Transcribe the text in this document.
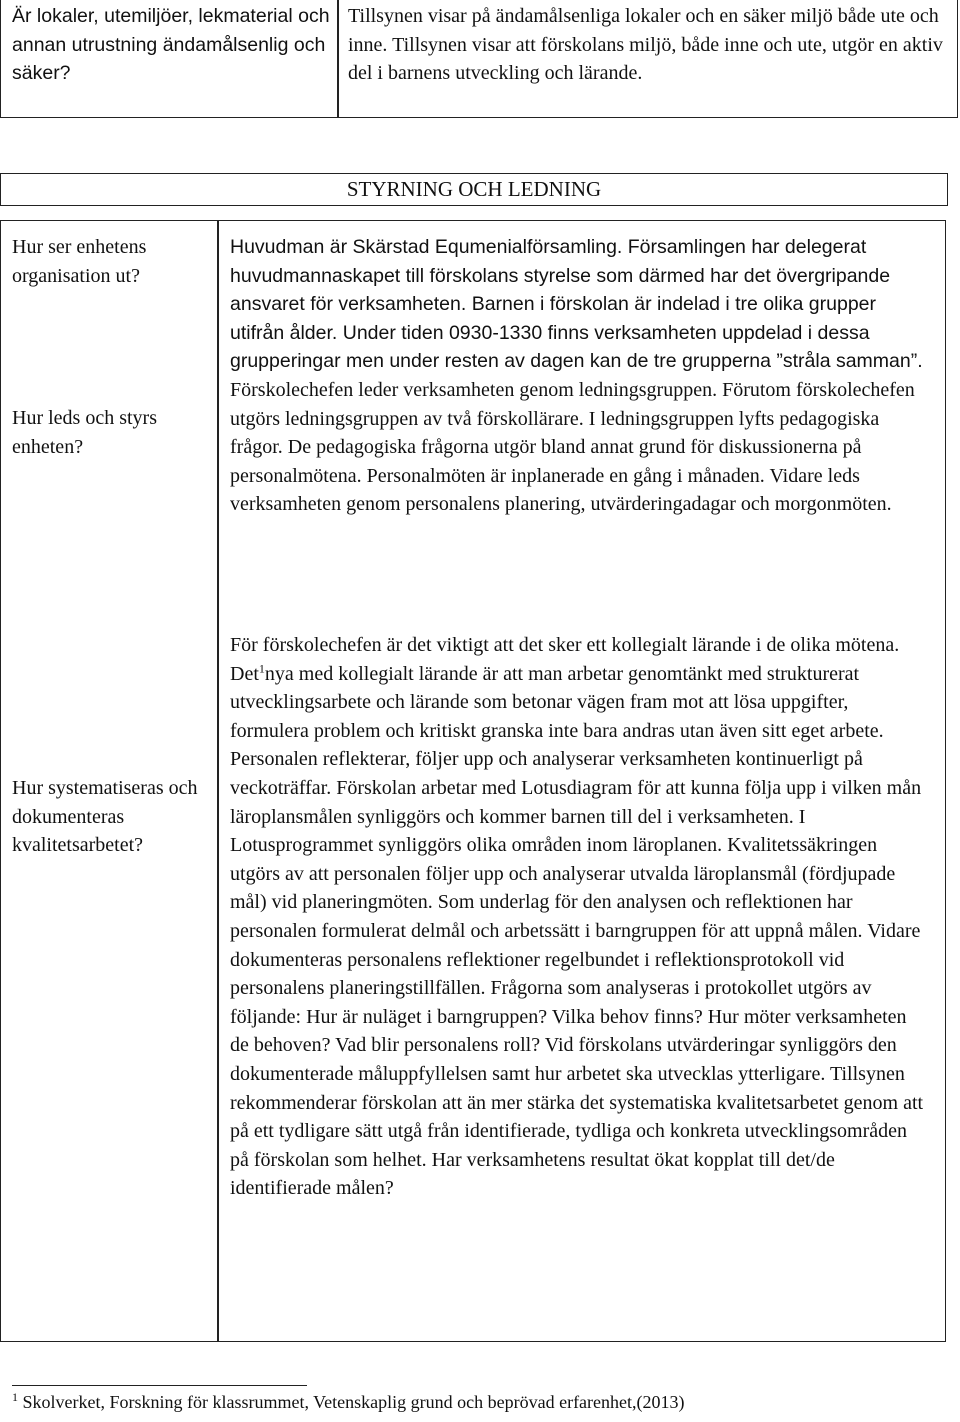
Är lokaler, utemiljöer, lekmaterial och annan utrustning ändamålsenlig och säker?
Tillsynen visar på ändamålsenliga lokaler och en säker miljö både ute och inne. Tillsynen visar att förskolans miljö, både inne och ute, utgör en aktiv del i barnens utveckling och lärande.
STYRNING OCH LEDNING
Hur ser enhetens organisation ut?
Hur leds och styrs enheten?
Hur systematiseras och dokumenteras kvalitetsarbetet?

Huvudman är Skärstad Equmenialförsamling. Församlingen har delegerat huvudmannaskapet till förskolans styrelse som därmed har det övergripande ansvaret för verksamheten. Barnen i förskolan är indelad i tre olika grupper utifrån ålder. Under tiden 0930-1330 finns verksamheten uppdelad i dessa grupperingar men under resten av dagen kan de tre grupperna ”stråla samman”.

Förskolechefen leder verksamheten genom ledningsgruppen. Förutom förskolechefen utgörs ledningsgruppen av två förskollärare. I ledningsgruppen lyfts pedagogiska frågor. De pedagogiska frågorna utgör bland annat grund för diskussionerna på personalmötena. Personalmöten är inplanerade en gång i månaden. Vidare leds verksamheten genom personalens planering, utvärderingadagar och morgonmöten.

För förskolechefen är det viktigt att det sker ett kollegialt lärande i de olika mötena. Det$^1$nya med kollegialt lärande är att man arbetar genomtänkt med strukturerat utvecklingsarbete och lärande som betonar vägen fram mot att lösa uppgifter, formulera problem och kritiskt granska inte bara andras utan även sitt eget arbete.

Personalen reflekterar, följer upp och analyserar verksamheten kontinuerligt på veckoträffar. Förskolan arbetar med Lotusdiagram för att kunna följa upp i vilken mån läroplansmålen synliggörs och kommer barnen till del i verksamheten. I Lotusprogrammet synliggörs olika områden inom läroplanen. Kvalitetssäkringen utgörs av att personalen följer upp och analyserar utvalda läroplansmål (fördjupade mål) vid planeringmöten. Som underlag för den analysen och reflektionen har personalen formulerat delmål och arbetssätt i barngruppen för att uppnå målen. Vidare dokumenteras personalens reflektioner regelbundet i reflektionsprotokoll vid personalens planeringstillfällen. Frågorna som analyseras i protokollet utgörs av följande: Hur är nuläget i barngruppen? Vilka behov finns? Hur möter verksamheten de behoven? Vad blir personalens roll? Vid förskolans utvärderingar synliggörs den dokumenterade måluppfyllelsen samt hur arbetet ska utvecklas ytterligare. Tillsynen rekommenderar förskolan att än mer stärka det systematiska kvalitetsarbetet genom att på ett tydligare sätt utgå från identifierade, tydliga och konkreta utvecklingsområden på förskolan som helhet. Har verksamhetens resultat ökat kopplat till det/de identifierade målen?

$^1$ Skolverket, Forskning för klassrummet, Vetenskaplig grund och beprövad erfarenhet,(2013)
